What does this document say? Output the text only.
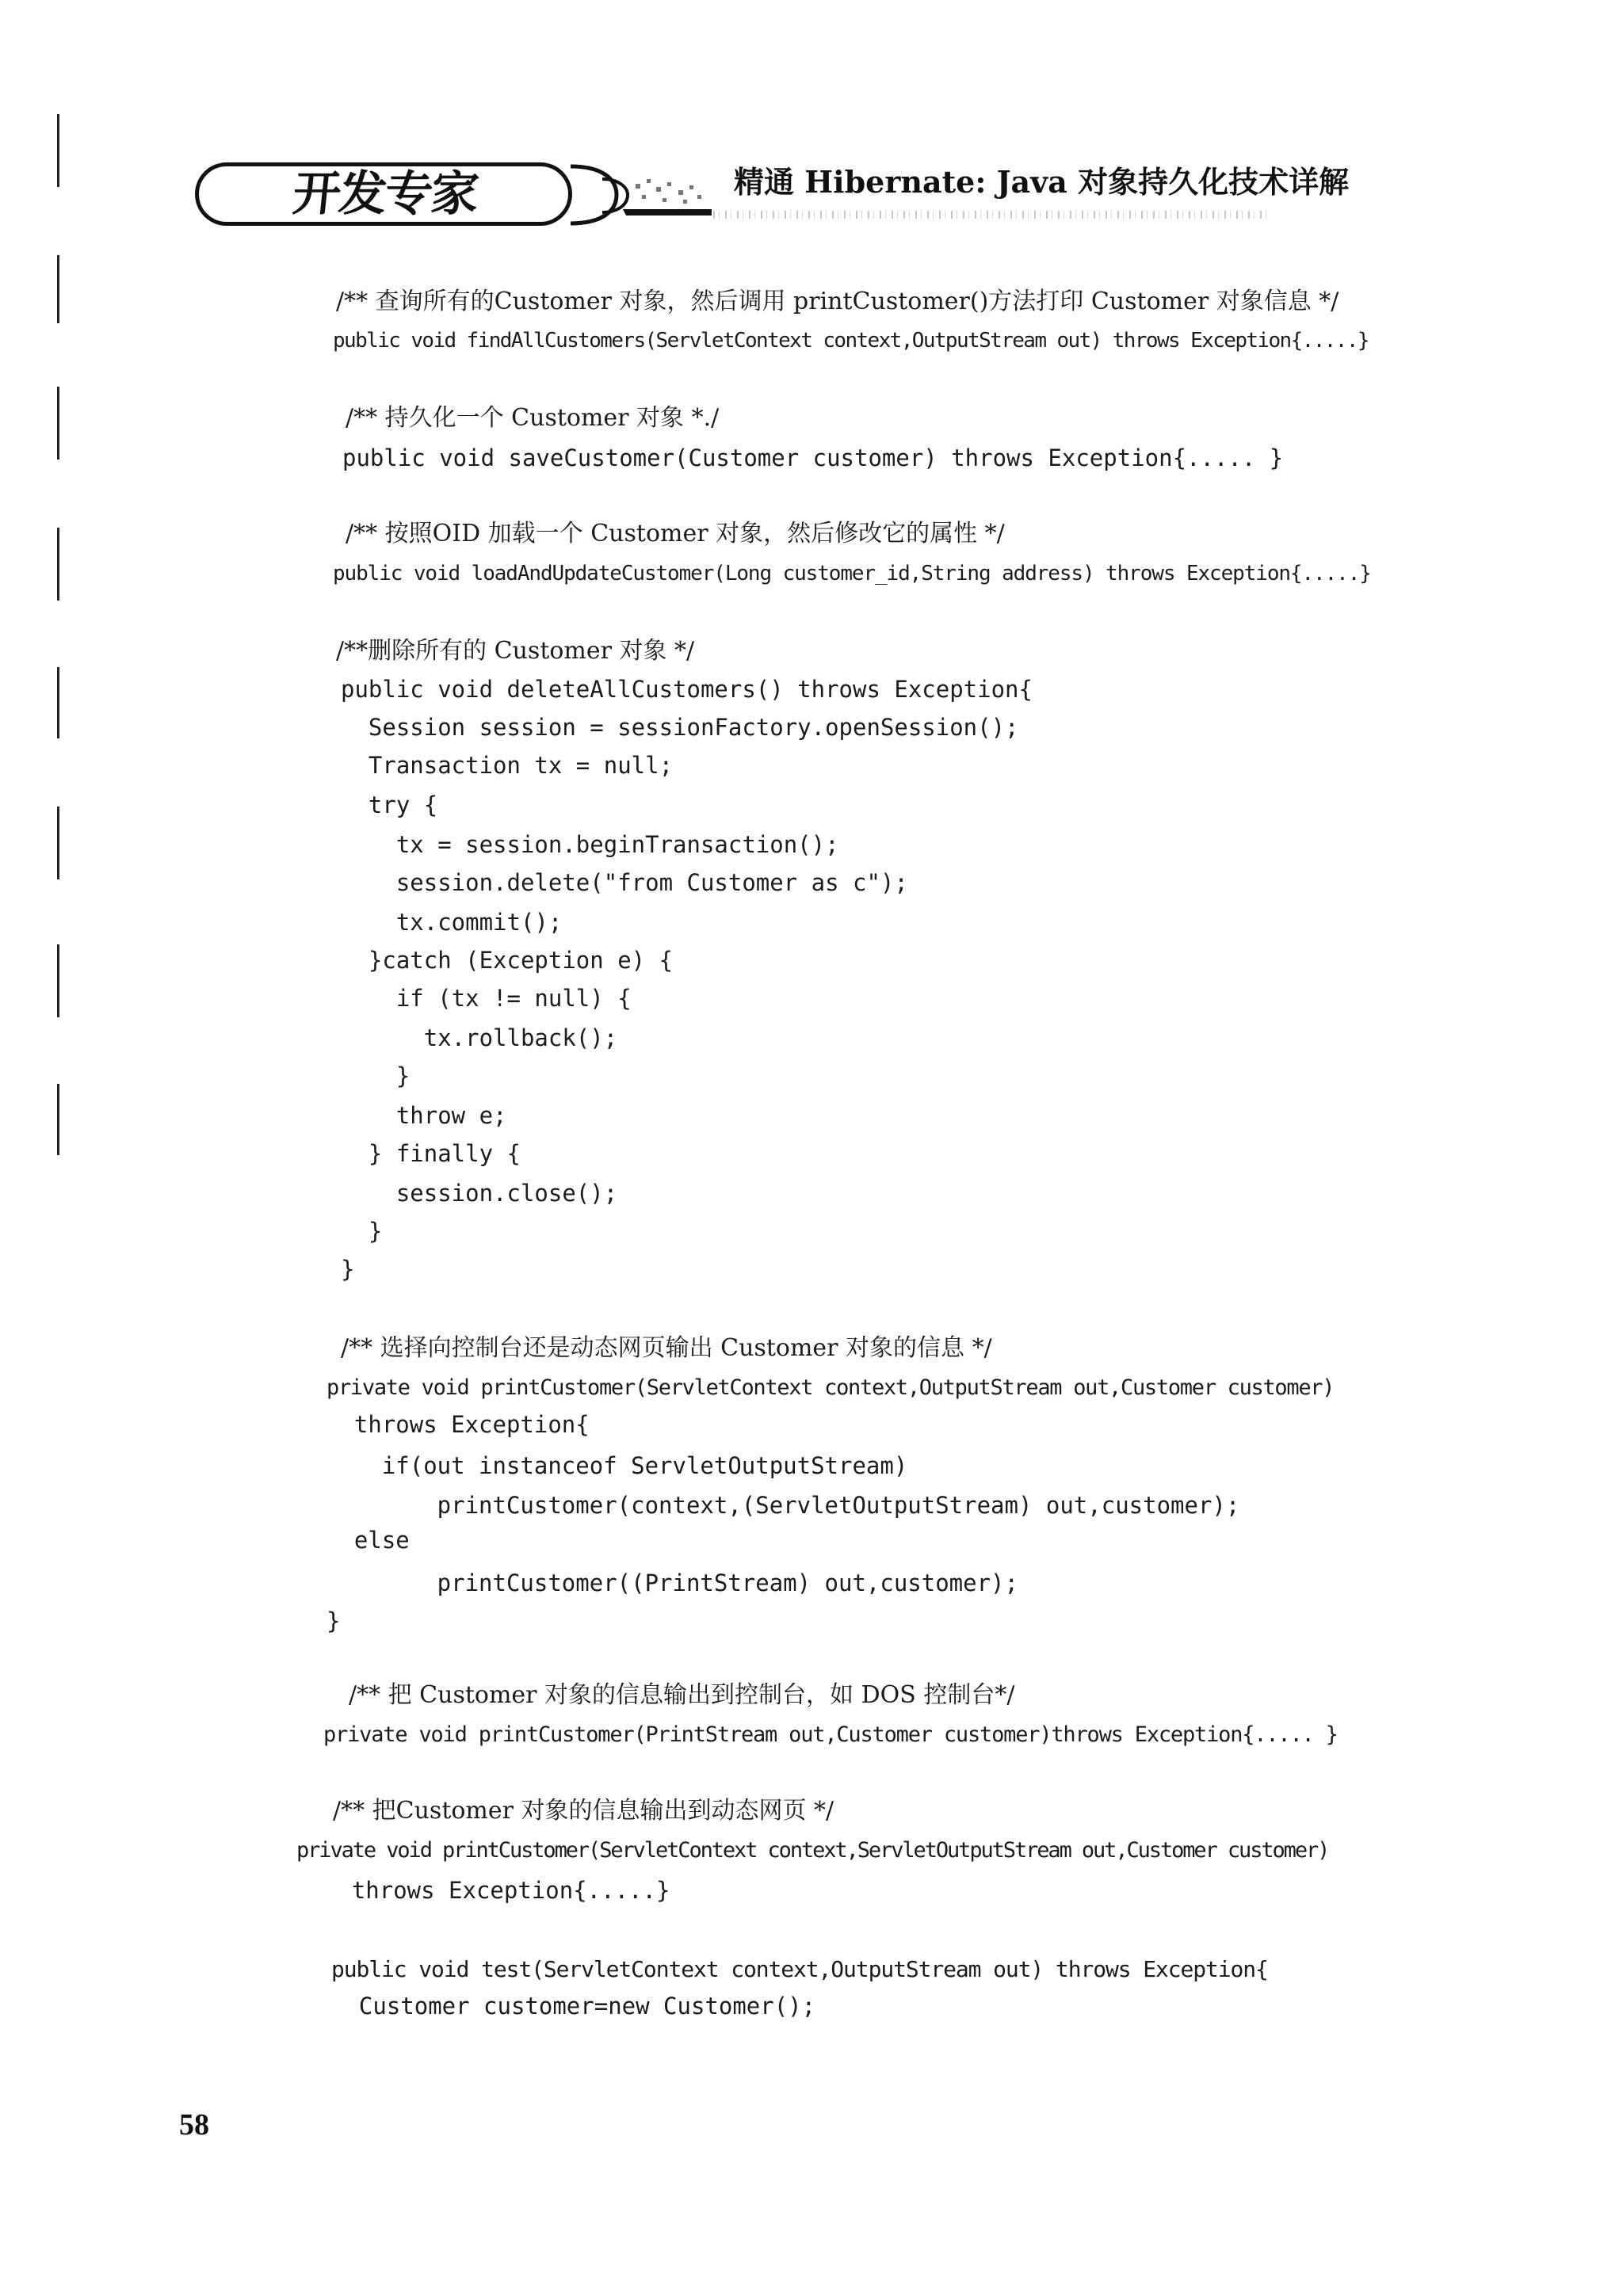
开发专家	精通 Hibernate: Java 对象持久化技术详解
/** 查询所有的Customer 对象，然后调用 printCustomer()方法打印 Customer 对象信息 */
public void findAllCustomers(ServletContext context,OutputStream out) throws Exception{.....}
/** 持久化一个 Customer 对象 *./
public void saveCustomer(Customer customer) throws Exception{..... }
/** 按照OID 加载一个 Customer 对象，然后修改它的属性 */
public void loadAndUpdateCustomer(Long customer_id,String address) throws Exception{.....}
/**删除所有的 Customer 对象 */
public void deleteAllCustomers() throws Exception{
Session session = sessionFactory.openSession();
Transaction tx = null;
try {
tx = session.beginTransaction();
session.delete("from Customer as c");
tx.commit();
}catch (Exception e) {
if (tx != null) {
tx.rollback();
}
throw e;
} finally {
session.close();
}
}
/** 选择向控制台还是动态网页输出 Customer 对象的信息 */
private void printCustomer(ServletContext context,OutputStream out,Customer customer)
throws Exception{
if(out instanceof ServletOutputStream)
printCustomer(context,(ServletOutputStream) out,customer);
else
printCustomer((PrintStream) out,customer);
}
/** 把 Customer 对象的信息输出到控制台，如 DOS 控制台*/
private void printCustomer(PrintStream out,Customer customer)throws Exception{..... }
/** 把Customer 对象的信息输出到动态网页 */
private void printCustomer(ServletContext context,ServletOutputStream out,Customer customer)
throws Exception{.....}
public void test(ServletContext context,OutputStream out) throws Exception{
Customer customer=new Customer();
58
